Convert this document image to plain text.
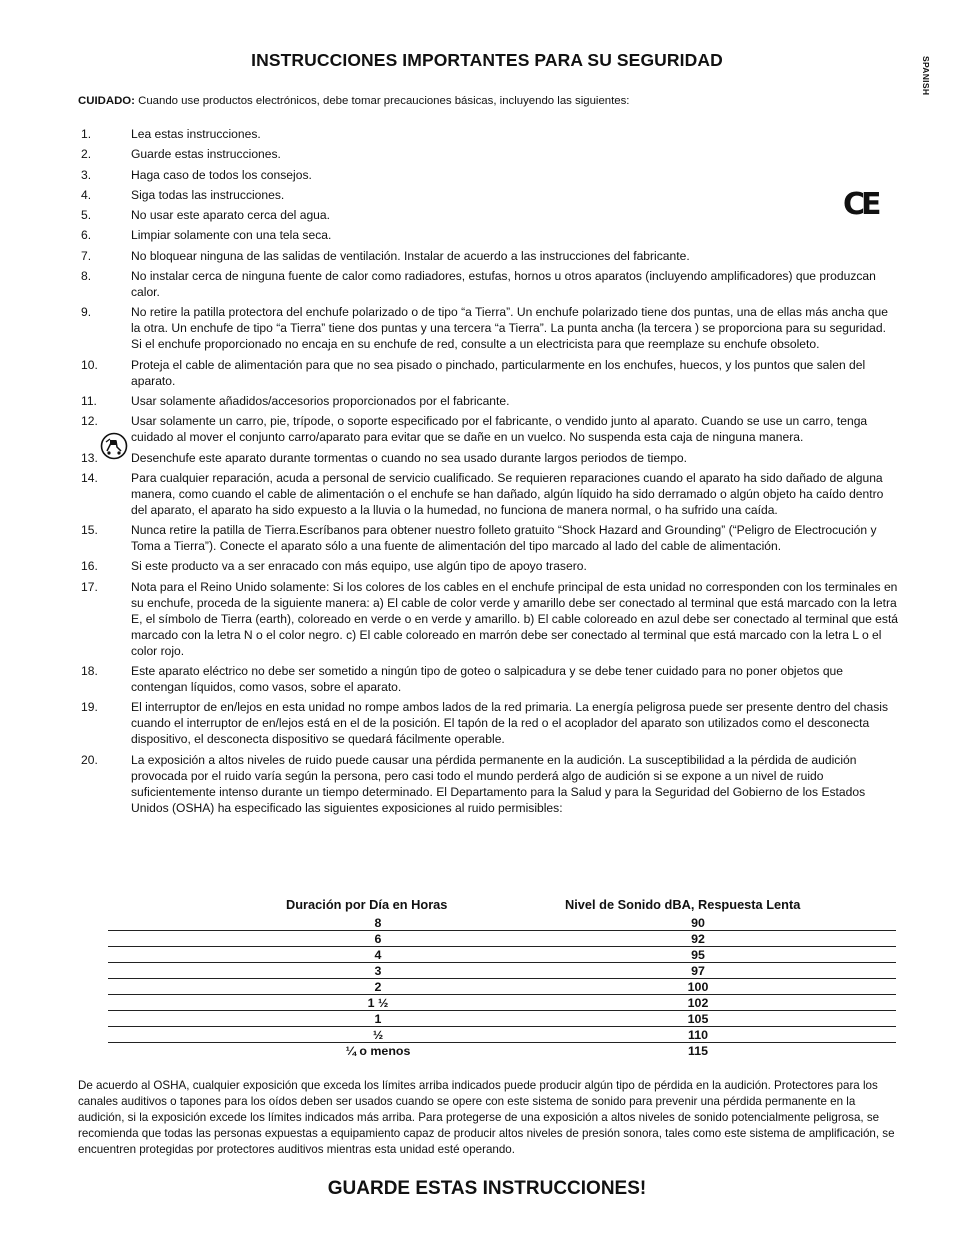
INSTRUCCIONES IMPORTANTES PARA SU SEGURIDAD	SPANISH
CUIDADO: Cuando use productos electrónicos, debe tomar precauciones básicas, incluyendo las siguientes:
CE
1.	Lea estas instrucciones.
2.	Guarde estas instrucciones.
3.	Haga caso de todos los consejos.
4.	Siga todas las instrucciones.
5.	No usar este aparato cerca del agua.
6.	Limpiar solamente con una tela seca.
7.	No bloquear ninguna de las salidas de ventilación. Instalar de acuerdo a las instrucciones del fabricante.
8.	No instalar cerca de ninguna fuente de calor como radiadores, estufas, hornos u otros aparatos (incluyendo amplificadores) que produzcan calor.
9.	No retire la patilla protectora del enchufe polarizado o de tipo “a Tierra”. Un enchufe polarizado tiene dos puntas, una de ellas más ancha que la otra. Un enchufe de tipo “a Tierra” tiene dos puntas y una tercera “a Tierra”. La punta ancha (la tercera ) se proporciona para su seguridad. Si el enchufe proporcionado no encaja en su enchufe de red, consulte a un electricista para que reemplaze su enchufe obsoleto.
10.	Proteja el cable de alimentación para que no sea pisado o pinchado, particularmente en los enchufes, huecos, y los puntos que salen del aparato.
11.	Usar solamente añadidos/accesorios proporcionados por el fabricante.
12.	Usar solamente un carro, pie, trípode, o soporte especificado por el fabricante, o vendido junto al aparato. Cuando se use un carro, tenga cuidado al mover el conjunto carro/aparato para evitar que se dañe en un vuelco. No suspenda esta caja de ninguna manera.
13.	Desenchufe este aparato durante tormentas o cuando no sea usado durante largos periodos de tiempo.
14.	Para cualquier reparación, acuda a personal de servicio cualificado. Se requieren reparaciones cuando el aparato ha sido dañado de alguna manera, como cuando el cable de alimentación o el enchufe se han dañado, algún líquido ha sido derramado o algún objeto ha caído dentro del aparato, el aparato ha sido expuesto a la lluvia o la humedad, no funciona de manera normal, o ha sufrido una caída.
15.	Nunca retire la patilla de Tierra.Escríbanos para obtener nuestro folleto gratuito “Shock Hazard and Grounding” (“Peligro de Electrocución y Toma a Tierra”). Conecte el aparato sólo a una fuente de alimentación del tipo marcado al lado del cable de alimentación.
16.	Si este producto va a ser enracado con más equipo, use algún tipo de apoyo trasero.
17.	Nota para el Reino Unido solamente: Si los colores de los cables en el enchufe principal de esta unidad no corresponden con los terminales en su enchufe, proceda de la siguiente manera: a) El cable de color verde y amarillo debe ser conectado al terminal que está marcado con la letra E, el símbolo de Tierra (earth), coloreado en verde o en verde y amarillo. b) El cable coloreado en azul debe ser conectado al terminal que está marcado con la letra N o el color negro. c) El cable coloreado en marrón debe ser conectado al terminal que está marcado con la letra L o el color rojo.
18.	Este aparato eléctrico no debe ser sometido a ningún tipo de goteo o salpicadura y se debe tener cuidado para no poner objetos que contengan líquidos, como vasos, sobre el aparato.
19.	El interruptor de en/lejos en esta unidad no rompe ambos lados de la red primaria. La energía peligrosa puede ser presente dentro del chasis cuando el interruptor de en/lejos está en el de la posición. El tapón de la red o el acoplador del aparato son utilizados como el desconecta dispositivo, el desconecta dispositivo se quedará fácilmente operable.
20.	La exposición a altos niveles de ruido puede causar una pérdida permanente en la audición. La susceptibilidad a la pérdida de audición provocada por el ruido varía según la persona, pero casi todo el mundo perderá algo de audición si se expone a un nivel de ruido suficientemente intenso durante un tiempo determinado. El Departamento para la Salud y para la Seguridad del Gobierno de los Estados Unidos (OSHA) ha especificado las siguientes exposiciones al ruido permisibles:
Duración por Día en Horas	Nivel de Sonido dBA, Respuesta Lenta
8	90
6	92
4	95
3	97
2	100
1 ½	102
1	105
½	110
¼ o menos	115
De acuerdo al OSHA, cualquier exposición que exceda los límites arriba indicados puede producir algún tipo de pérdida en la audición. Protectores para los canales auditivos o tapones para los oídos deben ser usados cuando se opere con este sistema de sonido para prevenir una pérdida permanente en la audición, si la exposición excede los límites indicados más arriba. Para protegerse de una exposición a altos niveles de sonido potencialmente peligrosa, se recomienda que todas las personas expuestas a equipamiento capaz de producir altos niveles de presión sonora, tales como este sistema de amplificación, se encuentren protegidas por protectores auditivos mientras esta unidad esté operando.
GUARDE ESTAS INSTRUCCIONES!
